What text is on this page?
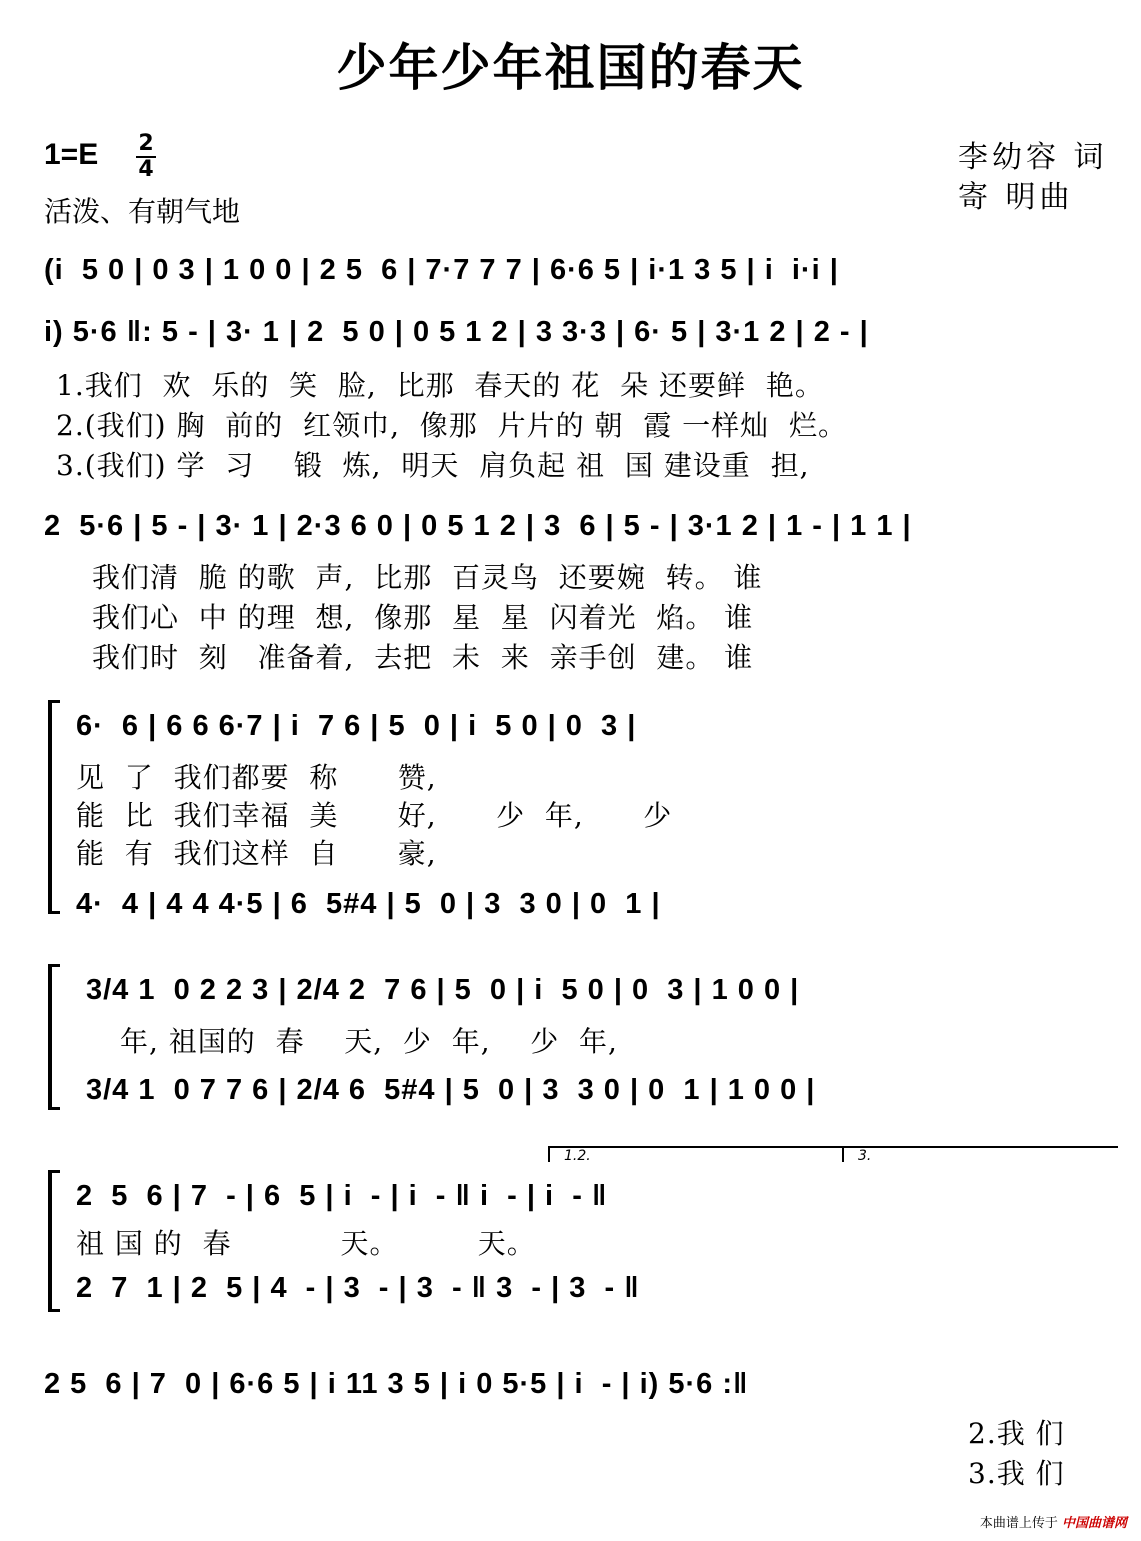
少年少年祖国的春天
1=E 2
4
活泼、有朝气地
李幼容 词
寄 明曲
(i  5 0 | 0 3 | 1 0 0 | 2 5  6 | 7·7 7 7 | 6·6 5 | i·1 3 5 | i  i·i |
i) 5·6 ‖: 5 - | 3· 1 | 2  5 0 | 0 5 1 2 | 3 3·3 | 6· 5 | 3·1 2 | 2 - |
1.我们  欢  乐的  笑  脸,  比那  春天的 花  朵 还要鲜  艳。
2.(我们) 胸  前的  红领巾,  像那  片片的 朝  霞 一样灿  烂。
3.(我们) 学  习    锻  炼,  明天  肩负起 祖  国 建设重  担,
2  5·6 | 5 - | 3· 1 | 2·3 6 0 | 0 5 1 2 | 3  6 | 5 - | 3·1 2 | 1 - | 1 1 |
我们清  脆 的歌  声,  比那  百灵鸟  还要婉  转。 谁
我们心  中 的理  想,  像那  星  星  闪着光  焰。 谁
我们时  刻   准备着,  去把  未  来  亲手创  建。 谁
6·  6 | 6 6 6·7 | i  7 6 | 5  0 | i  5 0 | 0  3 |
见  了  我们都要  称      赞,
能  比  我们幸福  美      好,      少  年,      少
能  有  我们这样  自      豪,
4·  4 | 4 4 4·5 | 6  5#4 | 5  0 | 3  3 0 | 0  1 |
3/4 1  0 2 2 3 | 2/4 2  7 6 | 5  0 | i  5 0 | 0  3 | 1 0 0 |
年, 祖国的  春    天,  少  年,    少  年,
3/4 1  0 7 7 6 | 2/4 6  5#4 | 5  0 | 3  3 0 | 0  1 | 1 0 0 |
1.2.	3.
2  5  6 | 7  - | 6  5 | i  - | i  - ‖ i  - | i  - ‖
祖 国 的  春           天。        天。
2  7  1 | 2  5 | 4  - | 3  - | 3  - ‖ 3  - | 3  - ‖
2 5  6 | 7  0 | 6·6 5 | i 11 3 5 | i 0 5·5 | i  - | i) 5·6 :‖
2.我 们
3.我 们
本曲谱上传于 中国曲谱网
